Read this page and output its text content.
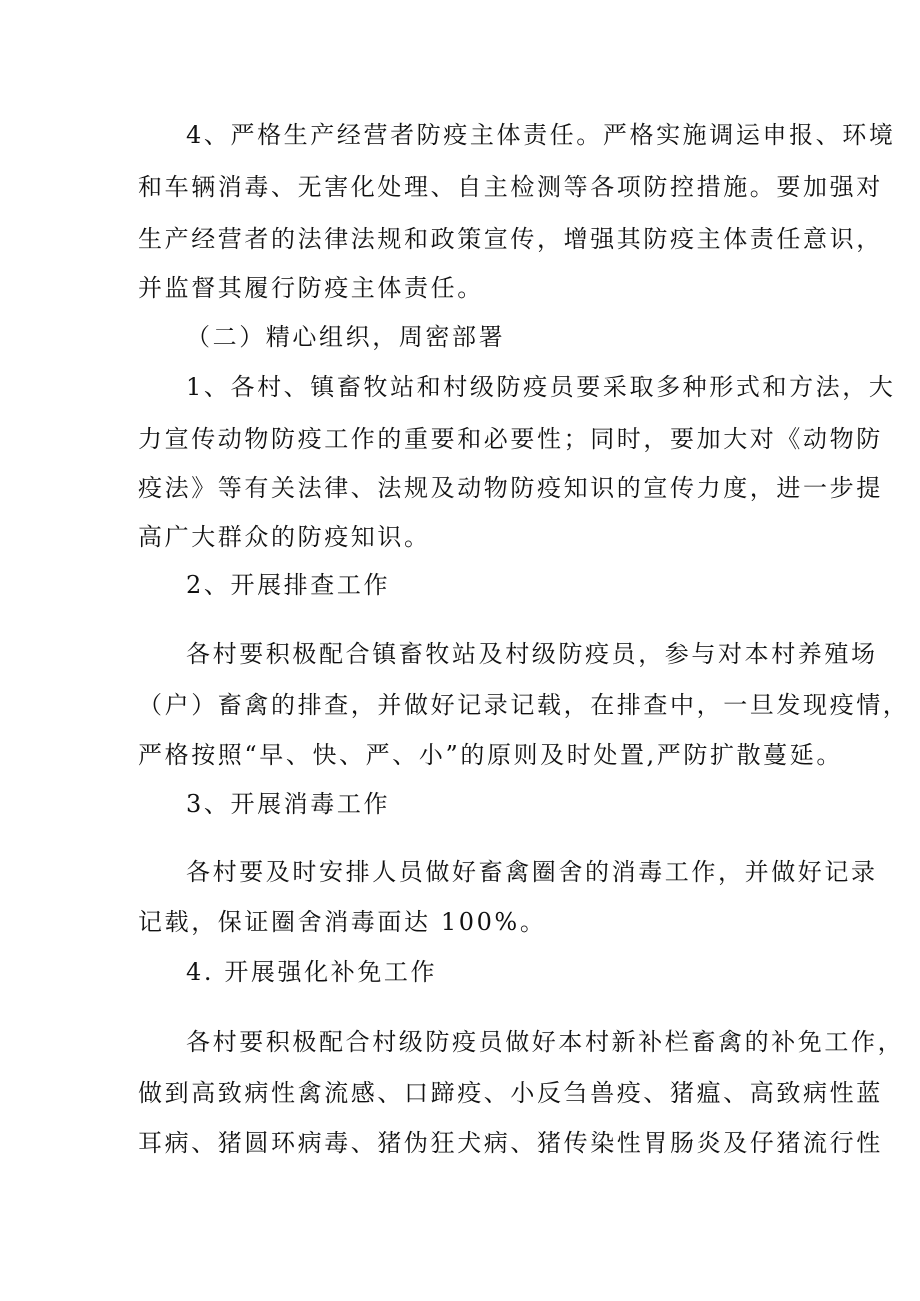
4、严格生产经营者防疫主体责任。严格实施调运申报、环境
和车辆消毒、无害化处理、自主检测等各项防控措施。要加强对
生产经营者的法律法规和政策宣传，增强其防疫主体责任意识，
并监督其履行防疫主体责任。
（二）精心组织，周密部署
1、各村、镇畜牧站和村级防疫员要采取多种形式和方法，大
力宣传动物防疫工作的重要和必要性；同时，要加大对《动物防
疫法》等有关法律、法规及动物防疫知识的宣传力度，进一步提
高广大群众的防疫知识。
2、开展排查工作
各村要积极配合镇畜牧站及村级防疫员，参与对本村养殖场
（户）畜禽的排查，并做好记录记载，在排查中，一旦发现疫情，
严格按照“早、快、严、小”的原则及时处置,严防扩散蔓延。
3、开展消毒工作
各村要及时安排人员做好畜禽圈舍的消毒工作，并做好记录
记载，保证圈舍消毒面达 100%。
4. 开展强化补免工作
各村要积极配合村级防疫员做好本村新补栏畜禽的补免工作，
做到高致病性禽流感、口蹄疫、小反刍兽疫、猪瘟、高致病性蓝
耳病、猪圆环病毒、猪伪狂犬病、猪传染性胃肠炎及仔猪流行性
